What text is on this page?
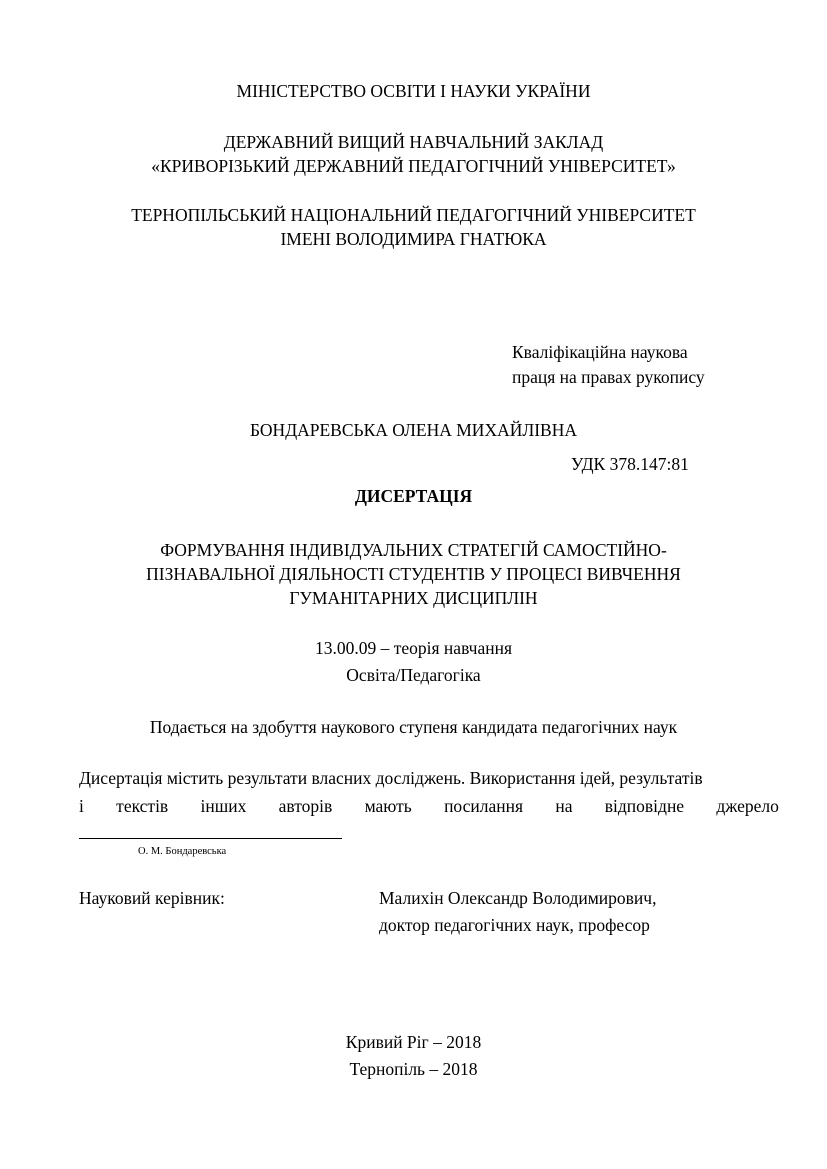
МІНІСТЕРСТВО ОСВІТИ І НАУКИ УКРАЇНИ
ДЕРЖАВНИЙ ВИЩИЙ НАВЧАЛЬНИЙ ЗАКЛАД
«КРИВОРІЗЬКИЙ ДЕРЖАВНИЙ ПЕДАГОГІЧНИЙ УНІВЕРСИТЕТ»
ТЕРНОПІЛЬСЬКИЙ НАЦІОНАЛЬНИЙ ПЕДАГОГІЧНИЙ УНІВЕРСИТЕТ
ІМЕНІ ВОЛОДИМИРА ГНАТЮКА
Кваліфікаційна наукова
праця на правах рукопису
БОНДАРЕВСЬКА ОЛЕНА МИХАЙЛІВНА
УДК 378.147:81
ДИСЕРТАЦІЯ
ФОРМУВАННЯ ІНДИВІДУАЛЬНИХ СТРАТЕГІЙ САМОСТІЙНО-
ПІЗНАВАЛЬНОЇ ДІЯЛЬНОСТІ СТУДЕНТІВ У ПРОЦЕСІ ВИВЧЕННЯ
ГУМАНІТАРНИХ ДИСЦИПЛІН
13.00.09 – теорія навчання
Освіта/Педагогіка
Подається на здобуття наукового ступеня кандидата педагогічних наук
Дисертація містить результати власних досліджень. Використання ідей, результатів
і текстів інших авторів мають посилання на відповідне джерело
О. М. Бондаревська
Науковий керівник:	Малихін Олександр Володимирович,
доктор педагогічних наук, професор
Кривий Ріг – 2018
Тернопіль – 2018
